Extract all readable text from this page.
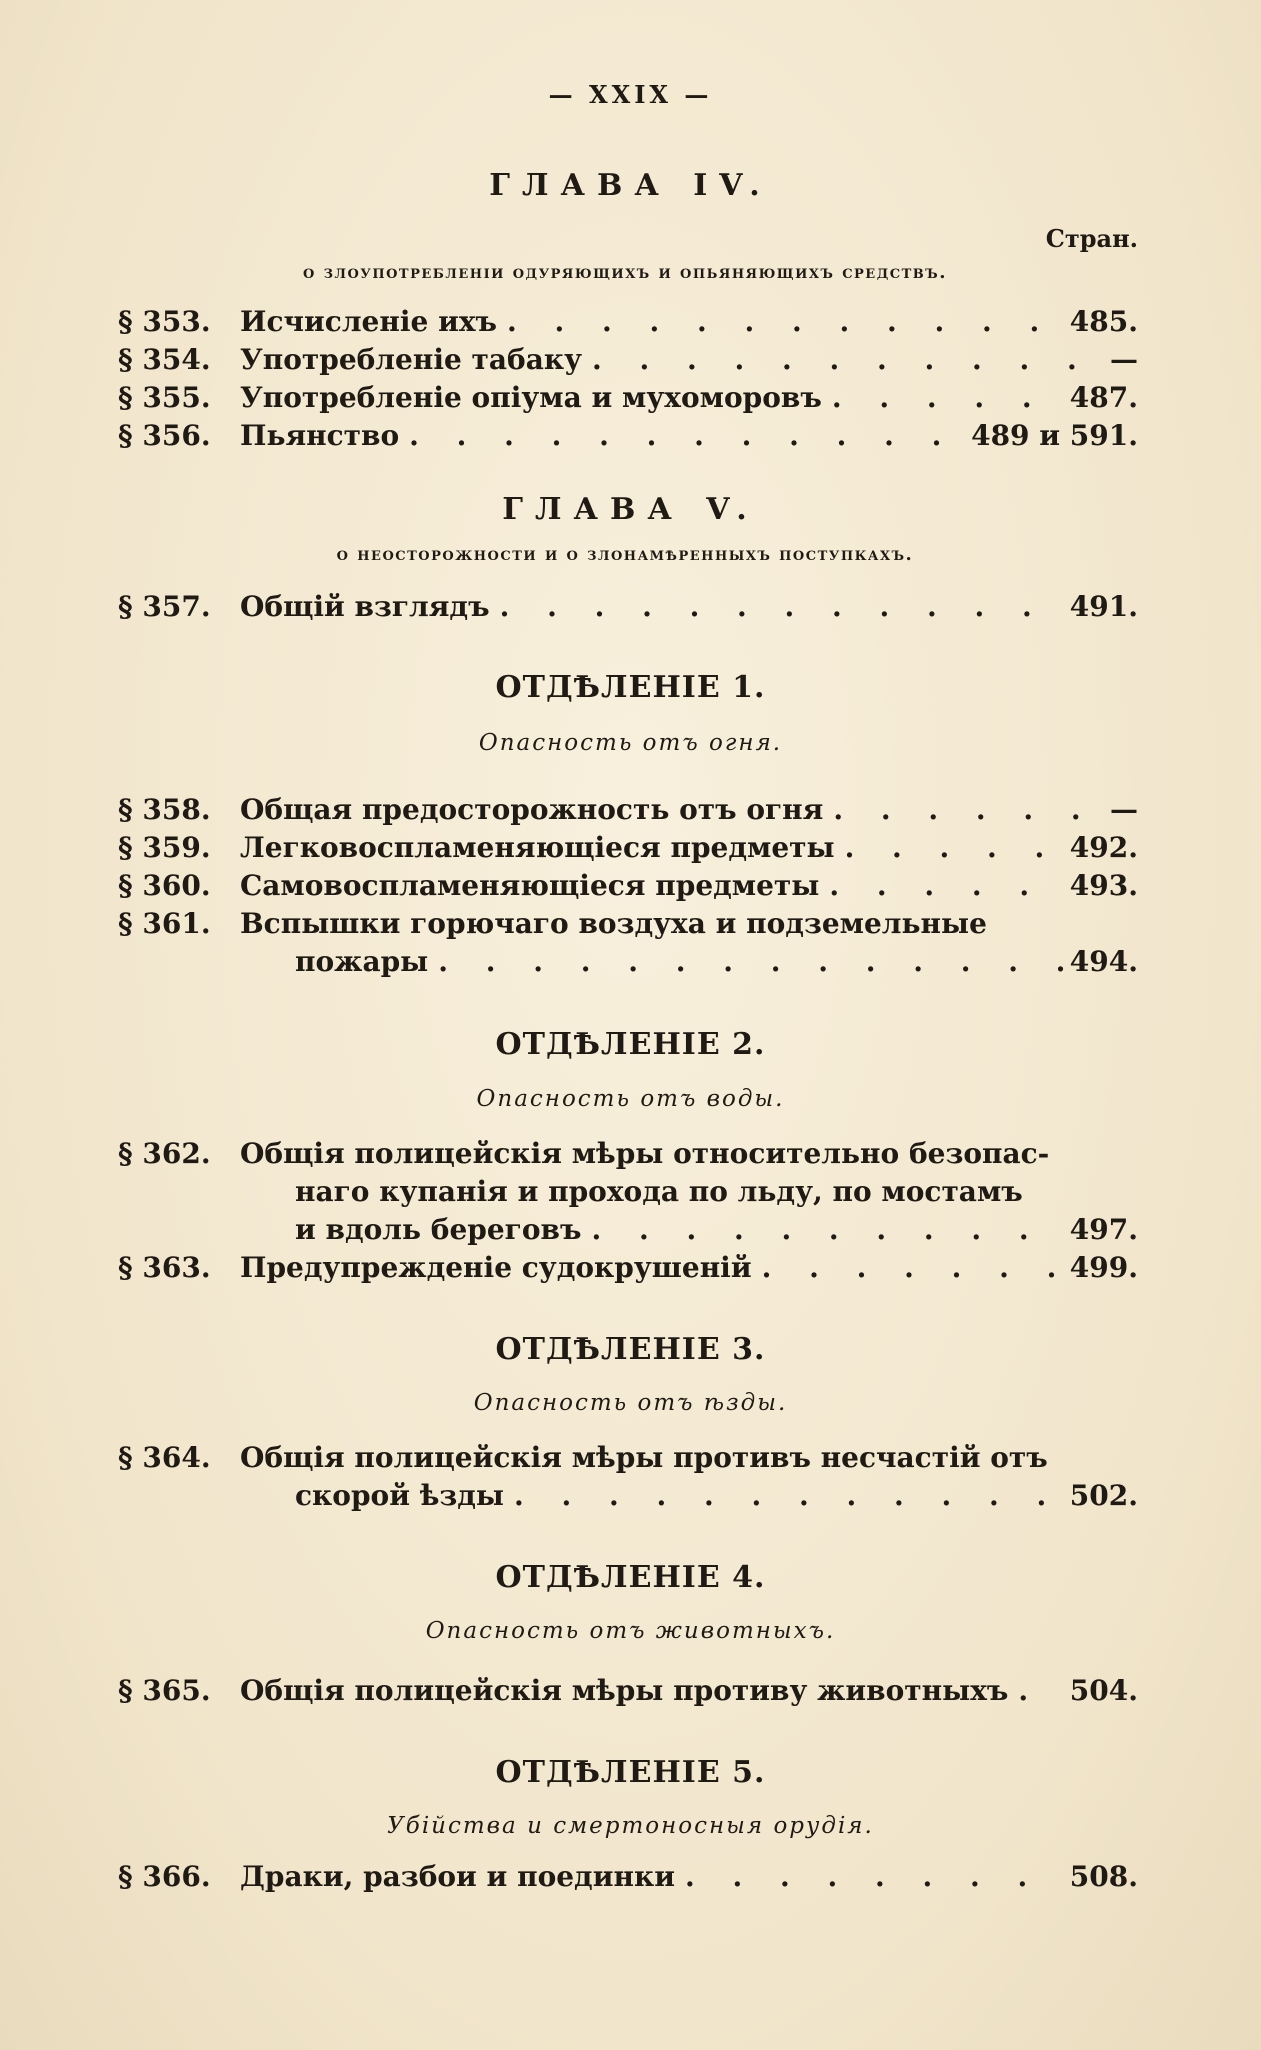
— XXIX —
ГЛАВА IV.
Стран.
о злоупотребленіи одуряющихъ и опьяняющихъ средствъ.
§ 353.	Исчисленіе ихъ . . .	485.
§ 354.	Употребленіе табаку . . .	—
§ 355.	Употребленіе опіума и мухоморовъ . . .	487.
§ 356.	Пьянство . . .	489 и 591.
ГЛАВА V.
о неосторожности и о злонамѣренныхъ поступкахъ.
§ 357.	Общій взглядъ . . .	491.
ОТДѢЛЕНІЕ 1.
Опасность отъ огня.
§ 358.	Общая предосторожность отъ огня . . .	—
§ 359.	Легковоспламеняющіеся предметы . . .	492.
§ 360.	Самовоспламеняющіеся предметы . . .	493.
§ 361.	Вспышки горючаго воздуха и подземельные
пожары . . .	494.
ОТДѢЛЕНІЕ 2.
Опасность отъ воды.
§ 362.	Общія полицейскія мѣры относительно безопас-
наго купанія и прохода по льду, по мостамъ
и вдоль береговъ . . .	497.
§ 363.	Предупрежденіе судокрушеній . . .	499.
ОТДѢЛЕНІЕ 3.
Опасность отъ ѣзды.
§ 364.	Общія полицейскія мѣры противъ несчастій отъ
скорой ѣзды . . .	502.
ОТДѢЛЕНІЕ 4.
Опасность отъ животныхъ.
§ 365.	Общія полицейскія мѣры противу животныхъ . . . 504.
ОТДѢЛЕНІЕ 5.
Убійства и смертоносныя орудія.
§ 366.	Драки, разбои и поединки . . .	508.
